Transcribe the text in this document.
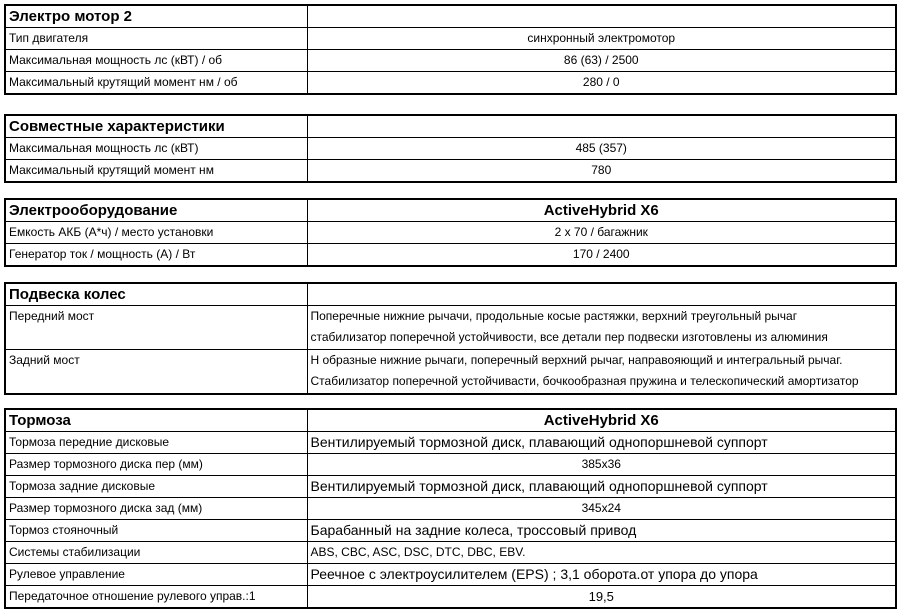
Электро мотор 2	
Тип двигателя	синхронный электромотор
Максимальная мощность лс (кВТ) / об	86 (63) / 2500
Максимальный крутящий момент нм / об	280 / 0
Совместные характеристики	
Максимальная мощность лс (кВТ)	485 (357)
Максимальный крутящий момент нм	780
Электрооборудование	ActiveHybrid X6
Емкость АКБ (А*ч) / место установки	2 x 70 / багажник
Генератор ток / мощность (А) / Вт	170 / 2400
Подвеска колес	
Передний мост	Поперечные нижние рычачи, продольные косые растяжки, верхний треугольный рычаг
стабилизатор поперечной устойчивости, все детали пер подвески изготовлены из алюминия

Задний мост	Н образные нижние рычаги, поперечный верхний рычаг, направояющий и интегральный рычаг.
Стабилизатор поперечной устойчивасти, бочкообразная пружина и телескопический амортизатор
Тормоза	ActiveHybrid X6
Тормоза передние дисковые	Вентилируемый тормозной диск, плавающий однопоршневой суппорт
Размер тормозного диска пер (мм)	385x36
Тормоза задние дисковые	Вентилируемый тормозной диск, плавающий однопоршневой суппорт
Размер тормозного диска зад (мм)	345x24
Тормоз стояночный	Барабанный на задние колеса, троссовый привод
Системы стабилизации	ABS, CBC, ASC, DSC, DTC, DBC, EBV.
Рулевое управление	Реечное с электроусилителем (EPS) ; 3,1 оборота.от упора до упора
Передаточное отношение рулевого управ.:1	19,5
